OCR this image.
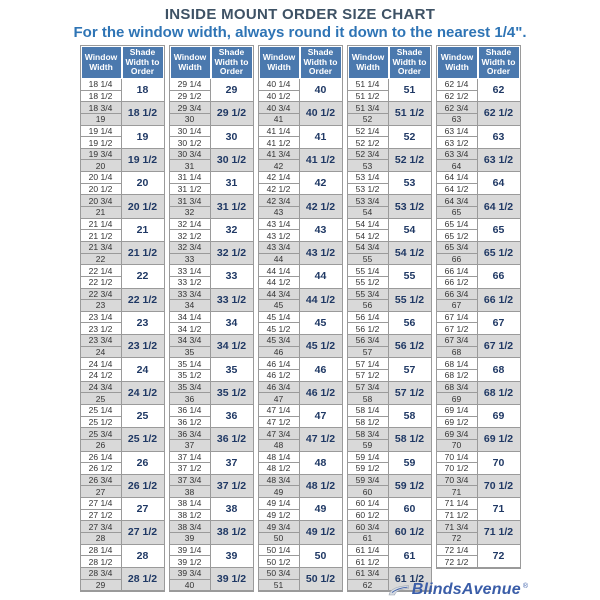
INSIDE MOUNT ORDER SIZE CHART
For the window width, always round it down to the nearest 1/4".
Window Width
Shade Width to Order
18 1/4
18 1/2	18
18 3/4
19	18 1/2
19 1/4
19 1/2	19
19 3/4
20	19 1/2
20 1/4
20 1/2	20
20 3/4
21	20 1/2
21 1/4
21 1/2	21
21 3/4
22	21 1/2
22 1/4
22 1/2	22
22 3/4
23	22 1/2
23 1/4
23 1/2	23
23 3/4
24	23 1/2
24 1/4
24 1/2	24
24 3/4
25	24 1/2
25 1/4
25 1/2	25
25 3/4
26	25 1/2
26 1/4
26 1/2	26
26 3/4
27	26 1/2
27 1/4
27 1/2	27
27 3/4
28	27 1/2
28 1/4
28 1/2	28
28 3/4
29	28 1/2
Window Width
Shade Width to Order
29 1/4
29 1/2	29
29 3/4
30	29 1/2
30 1/4
30 1/2	30
30 3/4
31	30 1/2
31 1/4
31 1/2	31
31 3/4
32	31 1/2
32 1/4
32 1/2	32
32 3/4
33	32 1/2
33 1/4
33 1/2	33
33 3/4
34	33 1/2
34 1/4
34 1/2	34
34 3/4
35	34 1/2
35 1/4
35 1/2	35
35 3/4
36	35 1/2
36 1/4
36 1/2	36
36 3/4
37	36 1/2
37 1/4
37 1/2	37
37 3/4
38	37 1/2
38 1/4
38 1/2	38
38 3/4
39	38 1/2
39 1/4
39 1/2	39
39 3/4
40	39 1/2
Window Width
Shade Width to Order
40 1/4
40 1/2	40
40 3/4
41	40 1/2
41 1/4
41 1/2	41
41 3/4
42	41 1/2
42 1/4
42 1/2	42
42 3/4
43	42 1/2
43 1/4
43 1/2	43
43 3/4
44	43 1/2
44 1/4
44 1/2	44
44 3/4
45	44 1/2
45 1/4
45 1/2	45
45 3/4
46	45 1/2
46 1/4
46 1/2	46
46 3/4
47	46 1/2
47 1/4
47 1/2	47
47 3/4
48	47 1/2
48 1/4
48 1/2	48
48 3/4
49	48 1/2
49 1/4
49 1/2	49
49 3/4
50	49 1/2
50 1/4
50 1/2	50
50 3/4
51	50 1/2
Window Width
Shade Width to Order
51 1/4
51 1/2	51
51 3/4
52	51 1/2
52 1/4
52 1/2	52
52 3/4
53	52 1/2
53 1/4
53 1/2	53
53 3/4
54	53 1/2
54 1/4
54 1/2	54
54 3/4
55	54 1/2
55 1/4
55 1/2	55
55 3/4
56	55 1/2
56 1/4
56 1/2	56
56 3/4
57	56 1/2
57 1/4
57 1/2	57
57 3/4
58	57 1/2
58 1/4
58 1/2	58
58 3/4
59	58 1/2
59 1/4
59 1/2	59
59 3/4
60	59 1/2
60 1/4
60 1/2	60
60 3/4
61	60 1/2
61 1/4
61 1/2	61
61 3/4
62	61 1/2
Window Width
Shade Width to Order
62 1/4
62 1/2	62
62 3/4
63	62 1/2
63 1/4
63 1/2	63
63 3/4
64	63 1/2
64 1/4
64 1/2	64
64 3/4
65	64 1/2
65 1/4
65 1/2	65
65 3/4
66	65 1/2
66 1/4
66 1/2	66
66 3/4
67	66 1/2
67 1/4
67 1/2	67
67 3/4
68	67 1/2
68 1/4
68 1/2	68
68 3/4
69	68 1/2
69 1/4
69 1/2	69
69 3/4
70	69 1/2
70 1/4
70 1/2	70
70 3/4
71	70 1/2
71 1/4
71 1/2	71
71 3/4
72	71 1/2
72 1/4
72 1/2	72
BlindsAvenue ®
